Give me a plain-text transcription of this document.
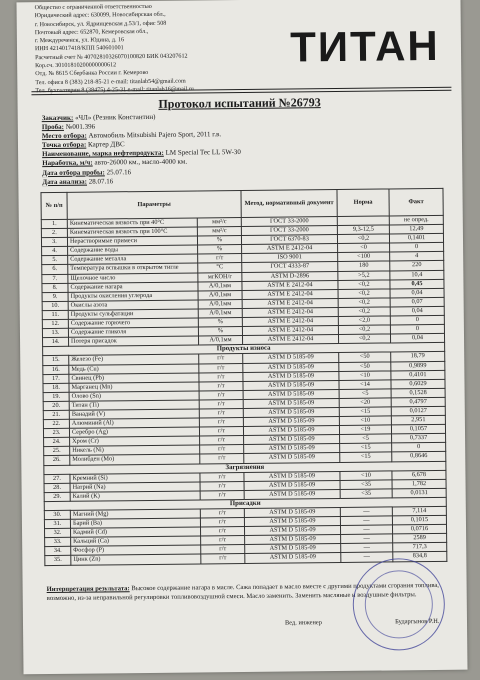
Общество с ограниченной ответственностью
Юридический адрес: 630099, Новосибирская обл.,
г. Новосибирск, ул. Ядринцевская д.53/1, офис 508
Почтовый адрес: 652870, Кемеровская обл.,
г. Междуреченск, ул. Юдина, д. 16
ИНН 4214017418/КПП 540601001
Расчетный счет № 40702810326070100820 БИК 043207612
Кор.сч. 30101810200000000612
Отд. № 8615 Сбербанка России г. Кемерово
Тел. офиса 8 (383) 218-85-21 e-mail: titanlab54@gmail.com
Тел. бухгалтерии 8 (38475) 4-25-31 e-mail: titanlab16@mail.ru
ТИТАН
Протокол испытаний №26793
Заказчик: «ЧЛ» (Резник Константин)
Проба: №001.396
Место отбора: Автомобиль Mitsubishi Pajero Sport, 2011 г.в.
Точка отбора: Картер ДВС
Наименование, марка нефтепродукта: LM Special Tec LL 5W-30
Наработка, м/ч: авто-26000 км., масло-4000 км.
Дата отбора пробы: 25.07.16
Дата анализа: 28.07.16
№ п/п	Параметры		Метод, нормативный документ	Норма	Факт
1.	Кинематическая вязкость при 40°С	мм²/с	ГОСТ 33-2000		не опред.
2.	Кинематическая вязкость при 100°С	мм²/с	ГОСТ 33-2000	9,3-12,5	12,49
3.	Нерастворимые примеси	%	ГОСТ 6370-83	<0,2	0,1401
4.	Содержание воды	%	ASTM E 2412-04	<0	0
5.	Содержание металла	г/т	ISO 9001	<100	4
6.	Температура вспышки в открытом тигле	°С	ГОСТ 4333-87	180	220
7.	Щелочное число	мгКОН/г	ASTM D-2896	>5,2	10,4
8.	Содержание нагара	А/0,1мм	ASTM E 2412-04	<0,2	0,45
9.	Продукты окисления углерода	А/0,1мм	ASTM E 2412-04	<0,2	0,04
10.	Окислы азота	А/0,1мм	ASTM E 2412-04	<0,2	0,07
11.	Продукты сульфатации	А/0,1мм	ASTM E 2412-04	<0,2	0,04
12.	Содержание горючего	%	ASTM E 2412-04	<2,0	0
13.	Содержание гликоля	%	ASTM E 2412-04	<0,2	0
14.	Потеря присадок	А/0,1мм	ASTM E 2412-04	<0,2	0,04
Продукты износа					
15.	Железо (Fe)	г/т	ASTM D 5185-09	<50	18,79
16.	Медь (Cu)	г/т	ASTM D 5185-09	<50	0,9899
17.	Свинец (Pb)	г/т	ASTM D 5185-09	<10	0,4101
18.	Марганец (Mn)	г/т	ASTM D 5185-09	<14	0,6029
19.	Олово (Sn)	г/т	ASTM D 5185-09	<5	0,1528
20.	Титан (Ti)	г/т	ASTM D 5185-09	<20	0,4797
21.	Ванадий (V)	г/т	ASTM D 5185-09	<15	0,0127
22.	Алюминий (Al)	г/т	ASTM D 5185-09	<10	2,951
23.	Серебро (Ag)	г/т	ASTM D 5185-09	<19	0,1057
24.	Хром (Cr)	г/т	ASTM D 5185-09	<5	0,7337
25.	Никель (Ni)	г/т	ASTM D 5185-09	<15	0
26.	Молибден (Mo)	г/т	ASTM D 5185-09	<15	0,8646
Загрязнения					
27.	Кремний (Si)	г/т	ASTM D 5185-09	<10	6,678
28.	Натрий (Na)	г/т	ASTM D 5185-09	<35	1,782
29.	Калий (K)	г/т	ASTM D 5185-09	<35	0,0131
Присадки					
30.	Магний (Mg)	г/т	ASTM D 5185-09	—	7,114
31.	Барий (Ba)	г/т	ASTM D 5185-09	—	0,1015
32.	Кадмий (Cd)	г/т	ASTM D 5185-09	—	0,0716
33.	Кальций (Ca)	г/т	ASTM D 5185-09	—	2589
34.	Фосфор (P)	г/т	ASTM D 5185-09	—	717,3
35.	Цинк (Zn)	г/т	ASTM D 5185-09	—	834,8
Интерпретация результата: Высокое содержание нагара в масле. Сажа попадает в масло вместе с другими продуктами сгорания топлива, возможно, из-за неправильной регулировки топливовоздушной смеси. Масло заменить. Заменить масляные и воздушные фильтры.
Вед. инженер	Бударгынов Р.Н.
